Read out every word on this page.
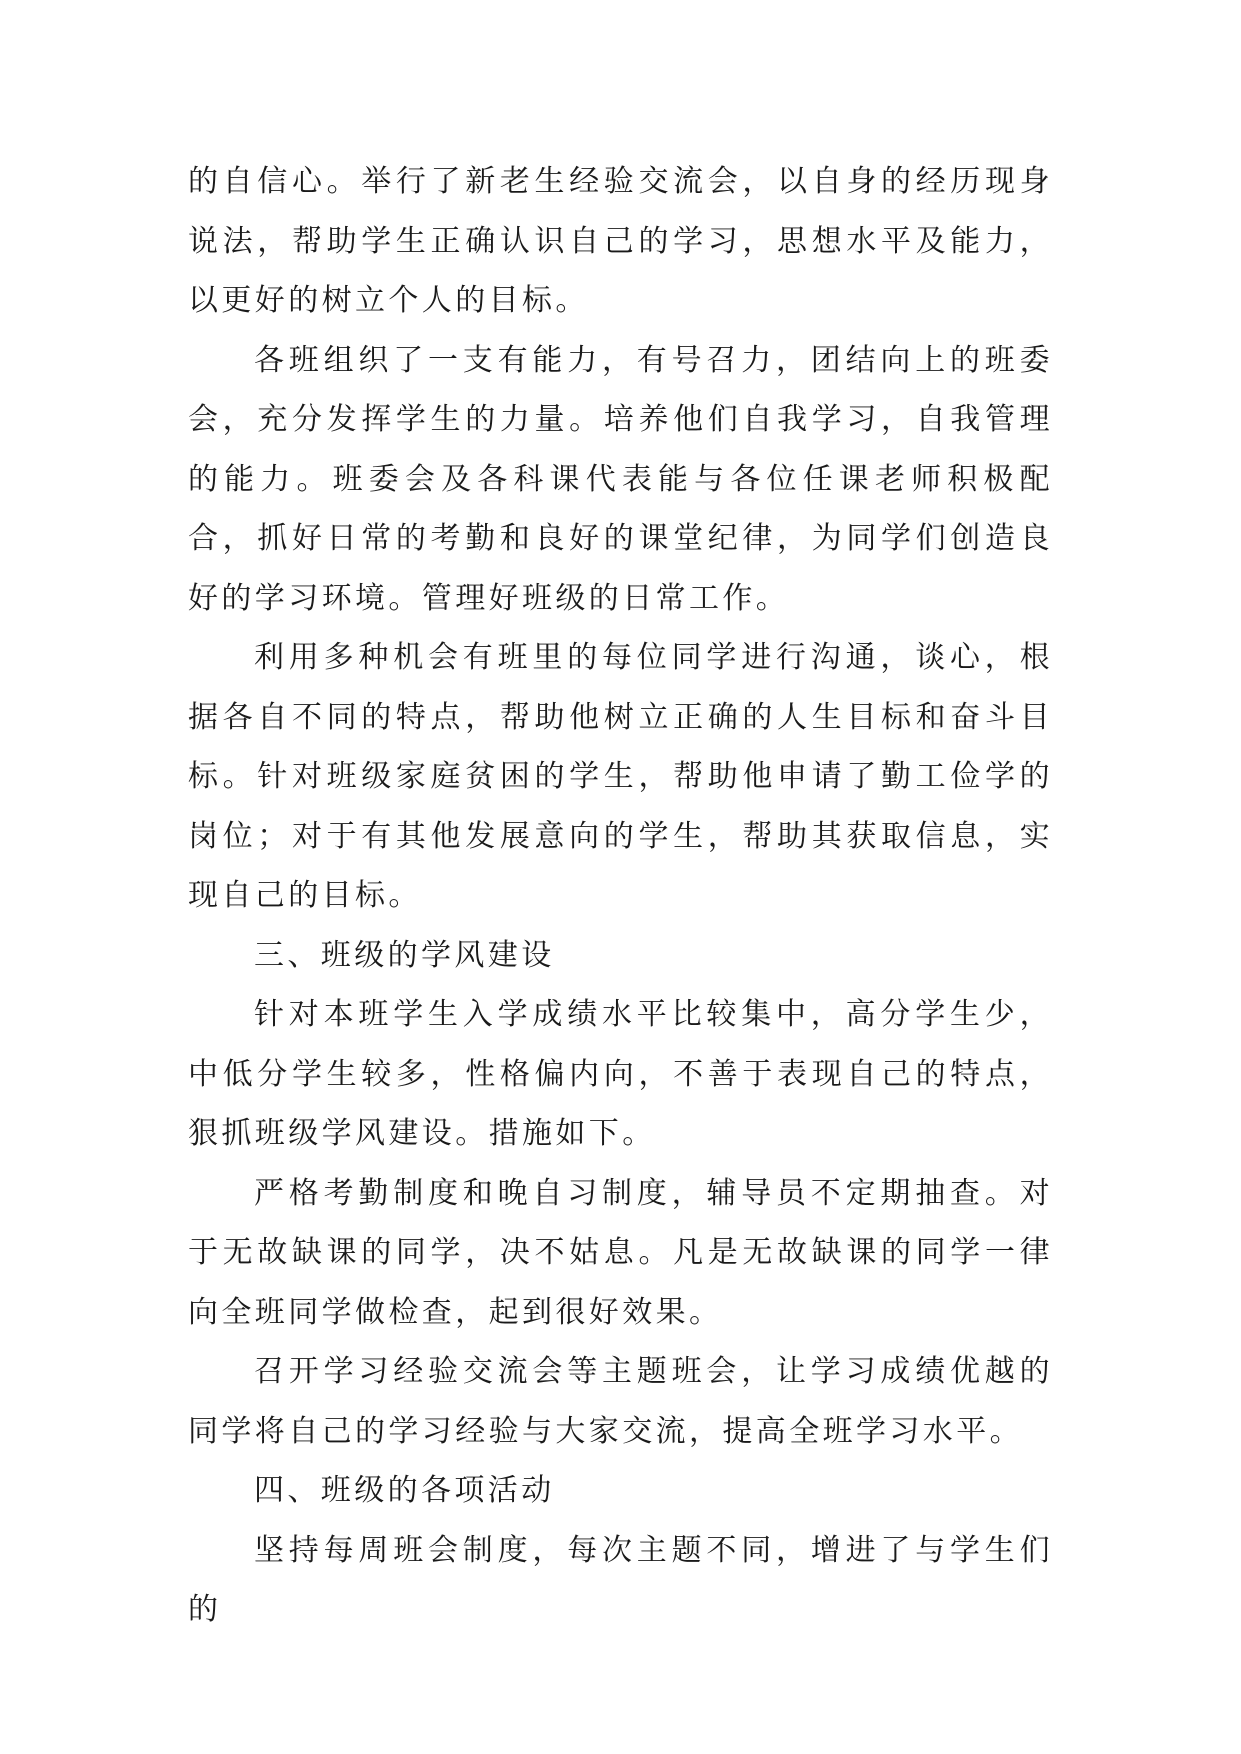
的自信心。举行了新老生经验交流会，以自身的经历现身说法，帮助学生正确认识自己的学习，思想水平及能力，以更好的树立个人的目标。

各班组织了一支有能力，有号召力，团结向上的班委会，充分发挥学生的力量。培养他们自我学习，自我管理的能力。班委会及各科课代表能与各位任课老师积极配合，抓好日常的考勤和良好的课堂纪律，为同学们创造良好的学习环境。管理好班级的日常工作。

利用多种机会有班里的每位同学进行沟通，谈心，根据各自不同的特点，帮助他树立正确的人生目标和奋斗目标。针对班级家庭贫困的学生，帮助他申请了勤工俭学的岗位；对于有其他发展意向的学生，帮助其获取信息，实现自己的目标。

三、班级的学风建设

针对本班学生入学成绩水平比较集中，高分学生少，中低分学生较多，性格偏内向，不善于表现自己的特点，狠抓班级学风建设。措施如下。

严格考勤制度和晚自习制度，辅导员不定期抽查。对于无故缺课的同学，决不姑息。凡是无故缺课的同学一律向全班同学做检查，起到很好效果。

召开学习经验交流会等主题班会，让学习成绩优越的同学将自己的学习经验与大家交流，提高全班学习水平。

四、班级的各项活动

坚持每周班会制度，每次主题不同，增进了与学生们的
